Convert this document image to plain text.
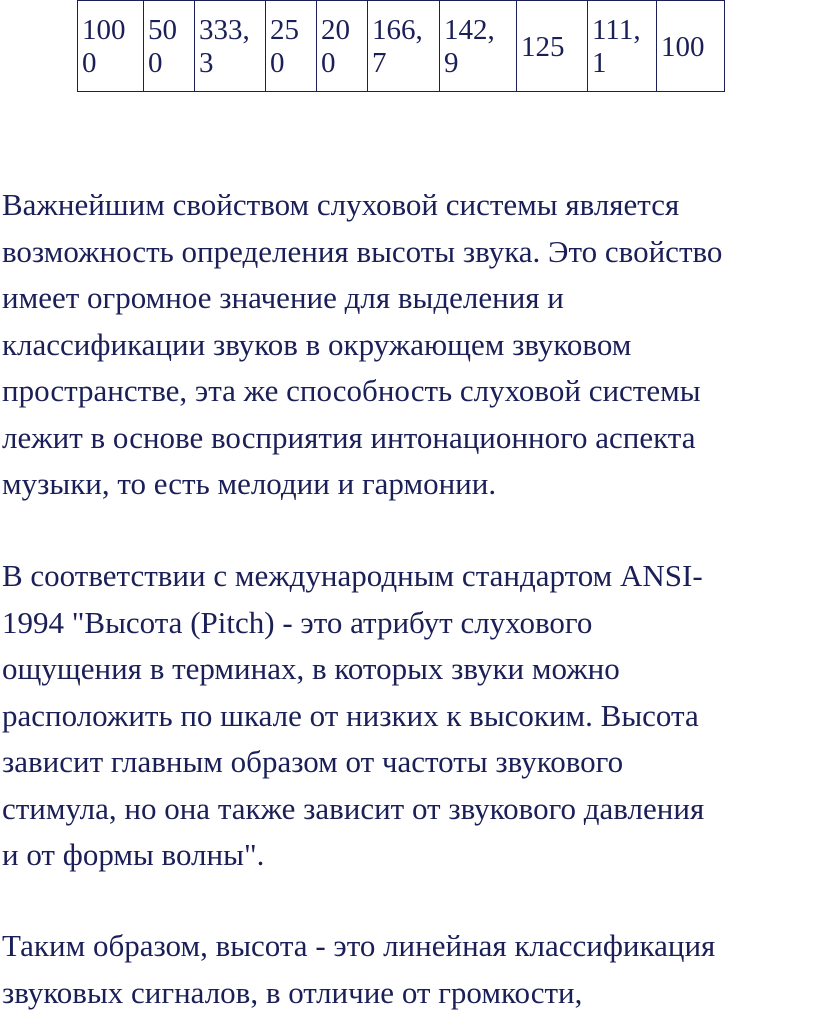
100 0	50 0	333, 3	25 0	20 0	166, 7	142, 9	125	111, 1	100

Важнейшим свойством слуховой системы является
возможность определения высоты звука. Это свойство
имеет огромное значение для выделения и
классификации звуков в окружающем звуковом
пространстве, эта же способность слуховой системы
лежит в основе восприятия интонационного аспекта
музыки, то есть мелодии и гармонии.

В соответствии с международным стандартом ANSI-
1994 "Высота (Pitch) - это атрибут слухового
ощущения в терминах, в которых звуки можно
расположить по шкале от низких к высоким. Высота
зависит главным образом от частоты звукового
стимула, но она также зависит от звукового давления
и от формы волны".

Таким образом, высота - это линейная классификация
звуковых сигналов, в отличие от громкости,
